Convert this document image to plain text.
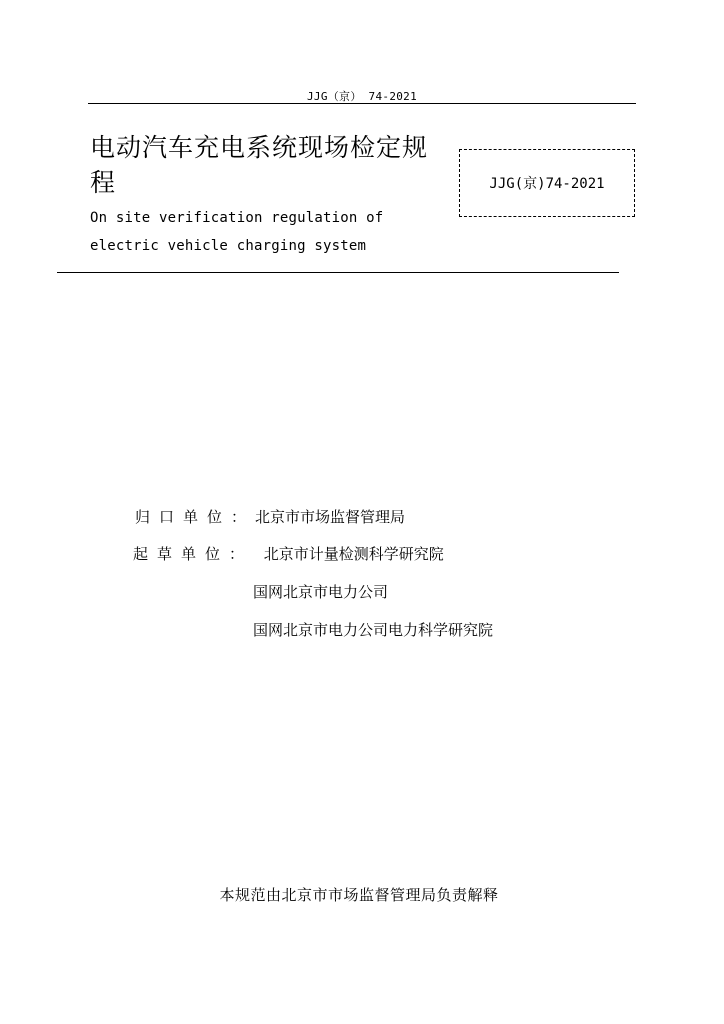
JJG（京） 74-2021
电动汽车充电系统现场检定规程
On site verification regulation of electric vehicle charging system
JJG(京)74-2021
归口单位：北京市市场监督管理局
起草单位： 北京市计量检测科学研究院
国网北京市电力公司
国网北京市电力公司电力科学研究院
本规范由北京市市场监督管理局负责解释
